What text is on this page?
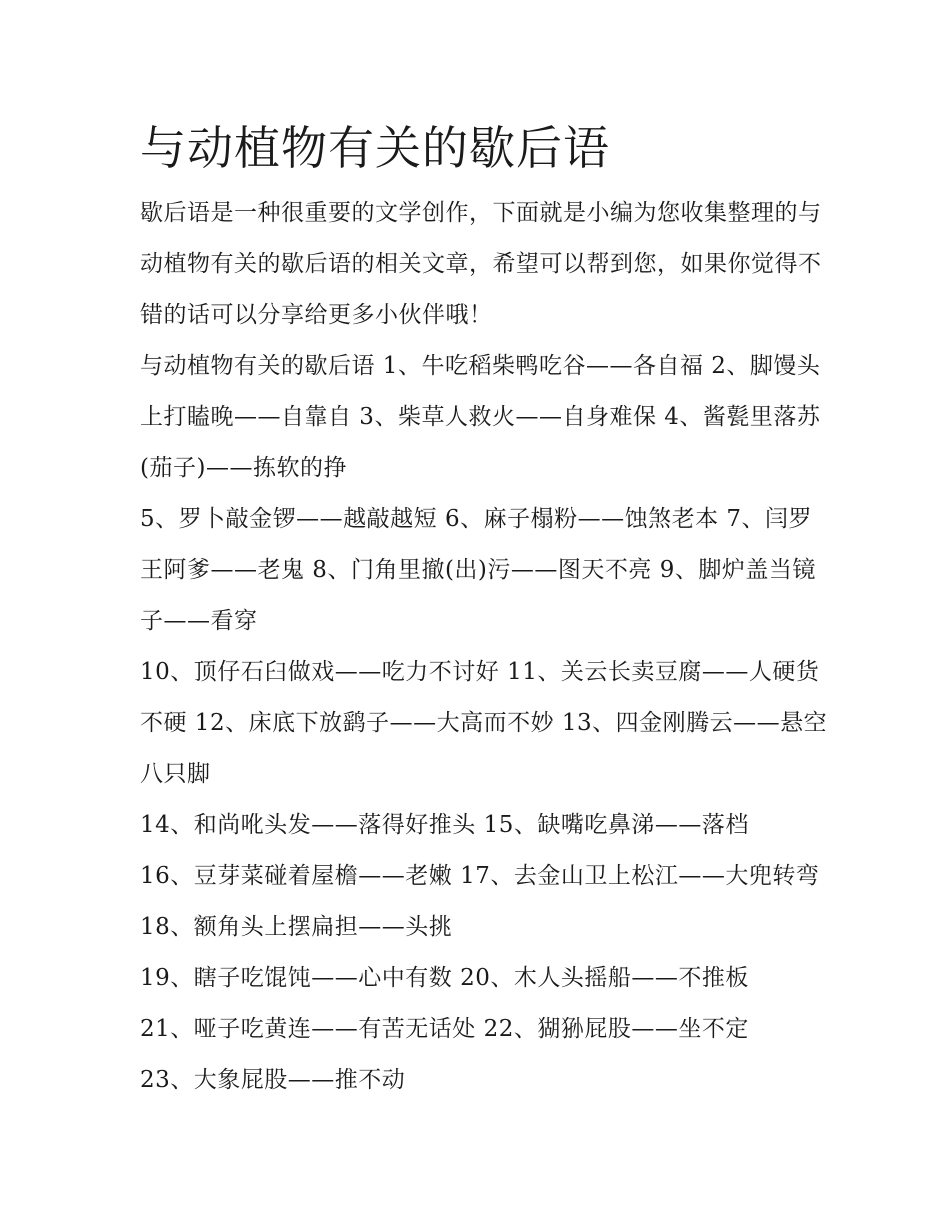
与动植物有关的歇后语

歇后语是一种很重要的文学创作，下面就是小编为您收集整理的与动植物有关的歇后语的相关文章，希望可以帮到您，如果你觉得不错的话可以分享给更多小伙伴哦！

与动植物有关的歇后语 1、牛吃稻柴鸭吃谷——各自福 2、脚馒头上打瞌晚——自靠自 3、柴草人救火——自身难保 4、酱甏里落苏(茄子)——拣软的挣

5、罗卜敲金锣——越敲越短 6、麻子榻粉——蚀煞老本 7、闫罗王阿爹——老鬼 8、门角里撤(出)污——图天不亮 9、脚炉盖当镜子——看穿

10、顶仔石臼做戏——吃力不讨好 11、关云长卖豆腐——人硬货不硬 12、床底下放鹞子——大高而不妙 13、四金刚腾云——悬空八只脚

14、和尚吪头发——落得好推头 15、缺嘴吃鼻涕——落档

16、豆芽菜碰着屋檐——老嫩 17、去金山卫上松江——大兜转弯 18、额角头上摆扁担——头挑

19、瞎子吃馄饨——心中有数 20、木人头摇船——不推板

21、哑子吃黄连——有苦无话处 22、猢狲屁股——坐不定

23、大象屁股——推不动
